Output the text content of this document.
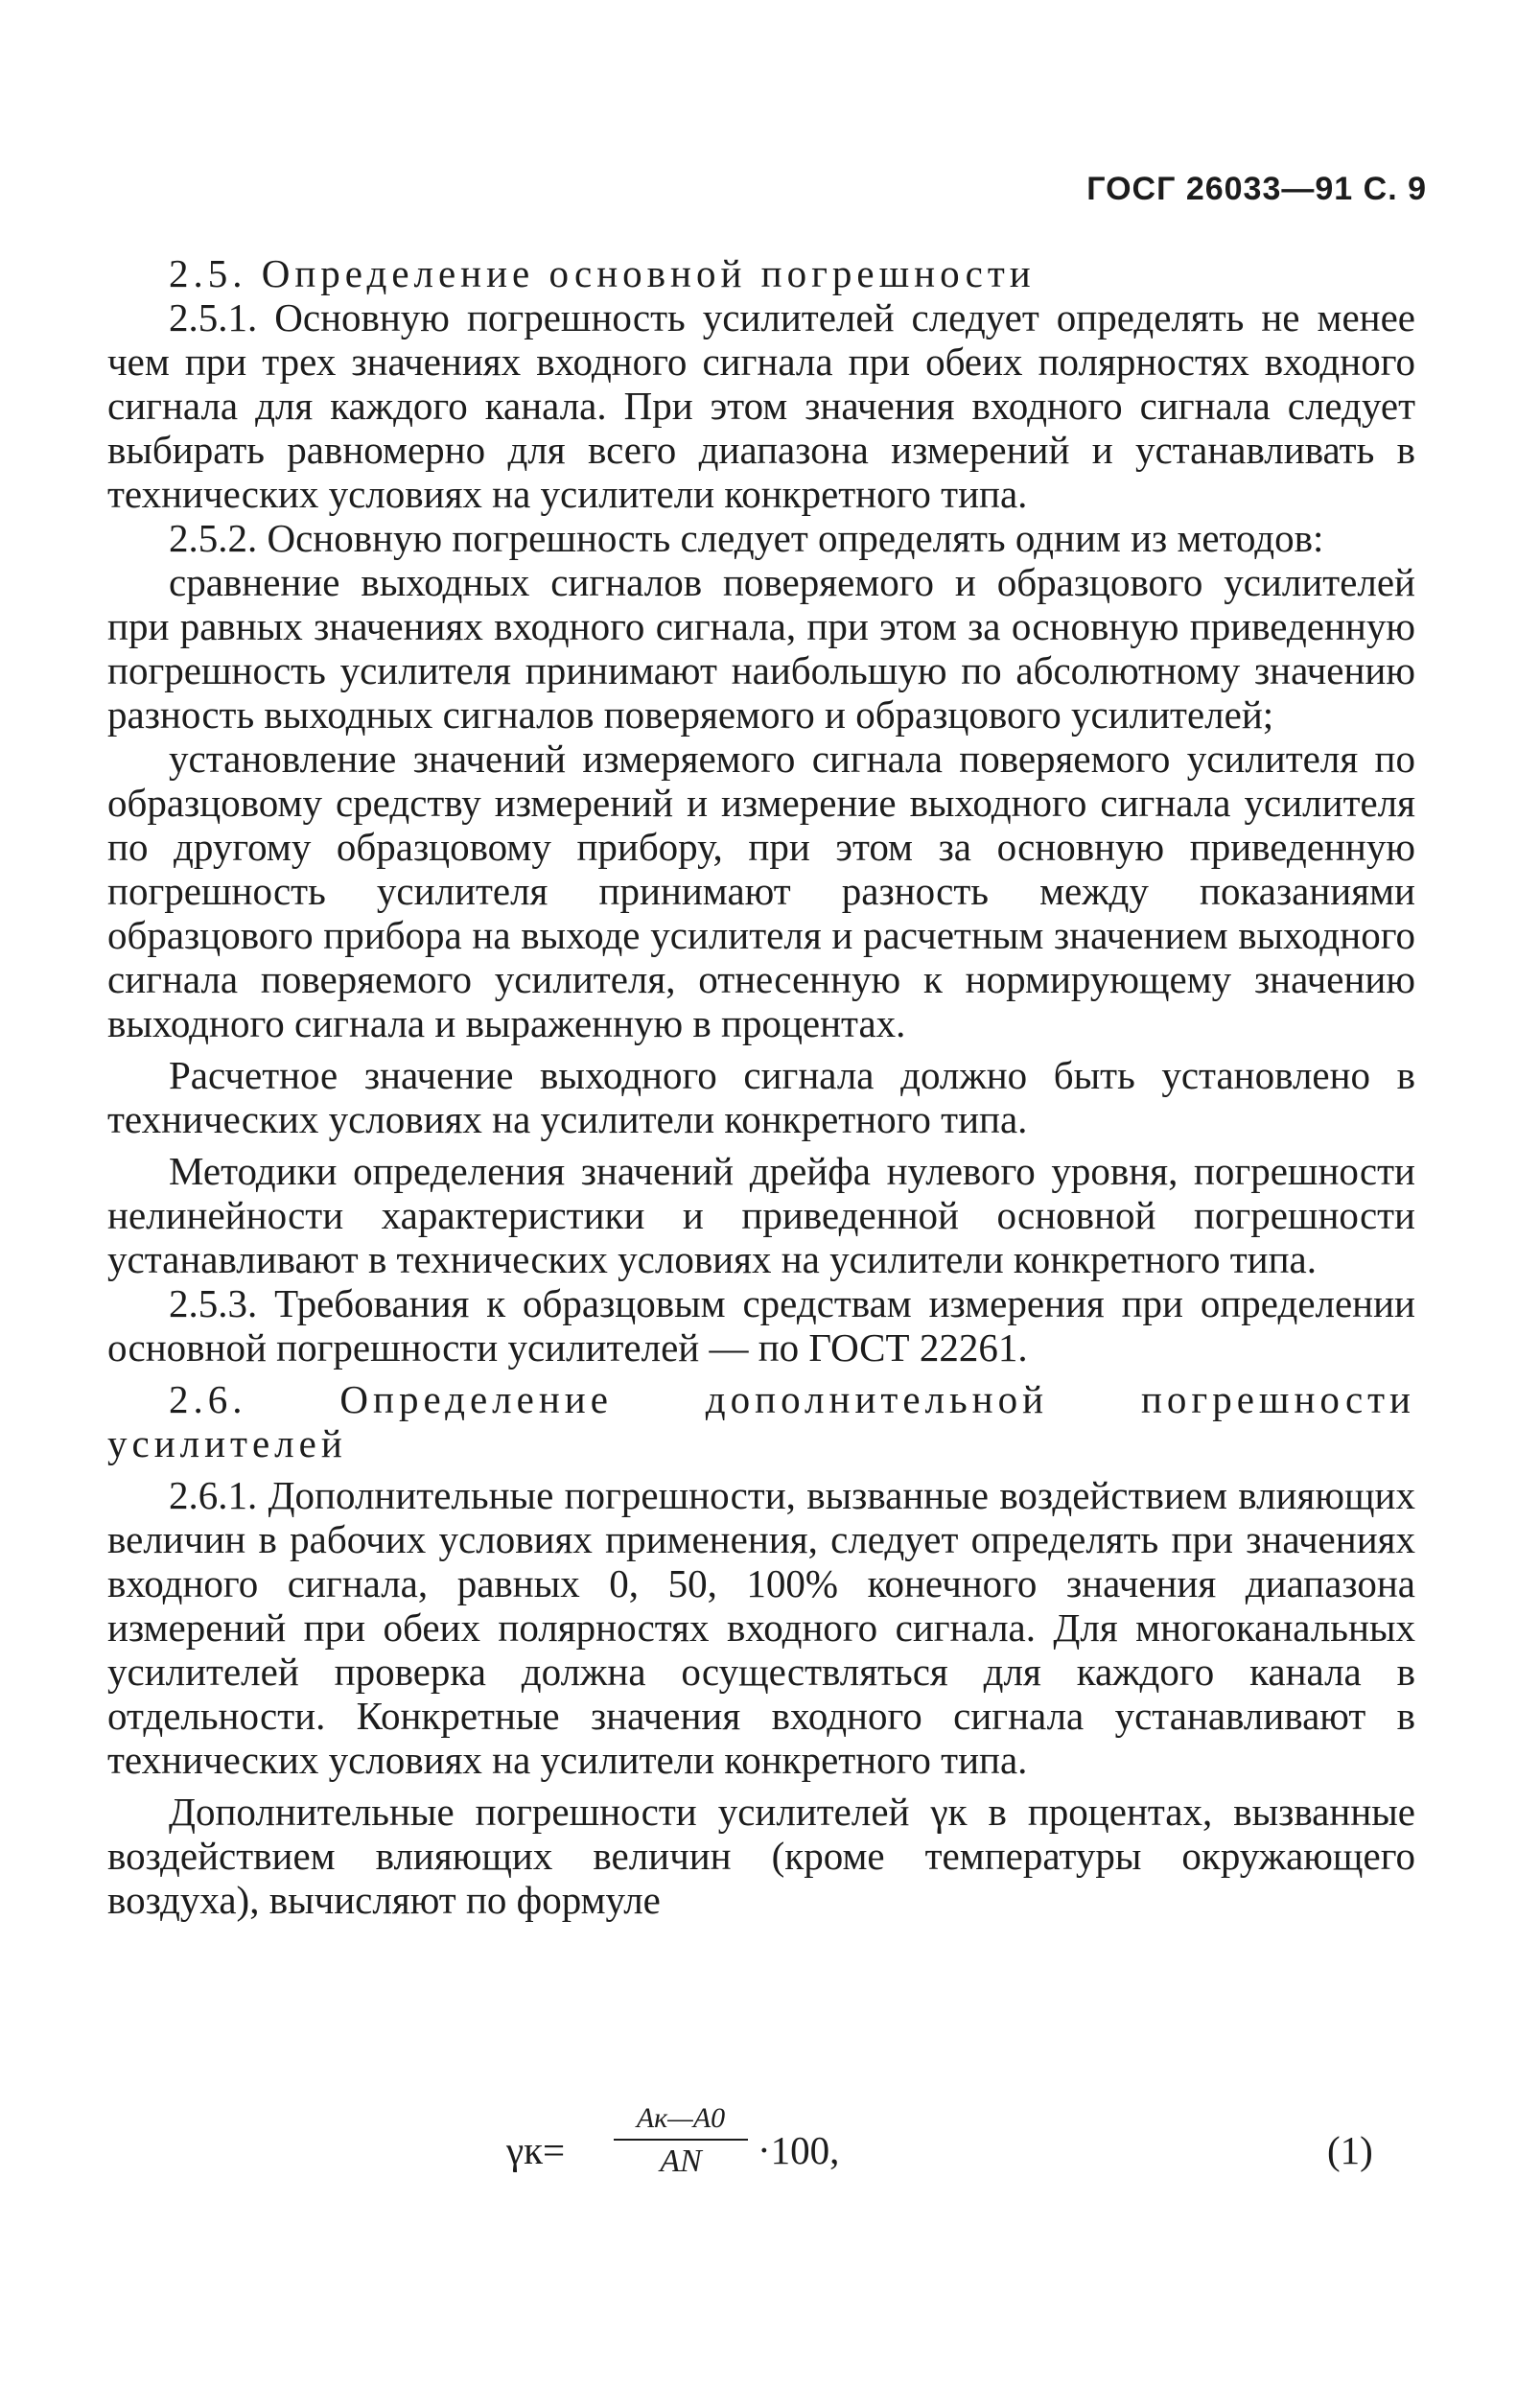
ГОСГ 26033—91 С. 9

2.5. Определение основной погрешности

2.5.1. Основную погрешность усилителей следует определять не менее чем при трех значениях входного сигнала при обеих полярностях входного сигнала для каждого канала. При этом значения входного сигнала следует выбирать равномерно для всего диапазона измерений и устанавливать в технических условиях на усилители конкретного типа.

2.5.2. Основную погрешность следует определять одним из методов:

сравнение выходных сигналов поверяемого и образцового усилителей при равных значениях входного сигнала, при этом за основную приведенную погрешность усилителя принимают наибольшую по абсолютному значению разность выходных сигналов поверяемого и образцового усилителей;

установление значений измеряемого сигнала поверяемого усилителя по образцовому средству измерений и измерение выходного сигнала усилителя по другому образцовому прибору, при этом за основную приведенную погрешность усилителя принимают разность между показаниями образцового прибора на выходе усилителя и расчетным значением выходного сигнала поверяемого усилителя, отнесенную к нормирующему значению выходного сигнала и выраженную в процентах.

Расчетное значение выходного сигнала должно быть установлено в технических условиях на усилители конкретного типа.

Методики определения значений дрейфа нулевого уровня, погрешности нелинейности характеристики и приведенной основной погрешности устанавливают в технических условиях на усилители конкретного типа.

2.5.3. Требования к образцовым средствам измерения при определении основной погрешности усилителей — по ГОСТ 22261.

2.6. Определение дополнительной погрешности усилителей

2.6.1. Дополнительные погрешности, вызванные воздействием влияющих величин в рабочих условиях применения, следует определять при значениях входного сигнала, равных 0, 50, 100% конечного значения диапазона измерений при обеих полярностях входного сигнала. Для многоканальных усилителей проверка должна осуществляться для каждого канала в отдельности. Конкретные значения входного сигнала устанавливают в технических условиях на усилители конкретного типа.

Дополнительные погрешности усилителей γк в процентах, вызванные воздействием влияющих величин (кроме температуры окружающего воздуха), вычисляют по формуле

γк=
Aк—A0
AN	·100,	(1)
